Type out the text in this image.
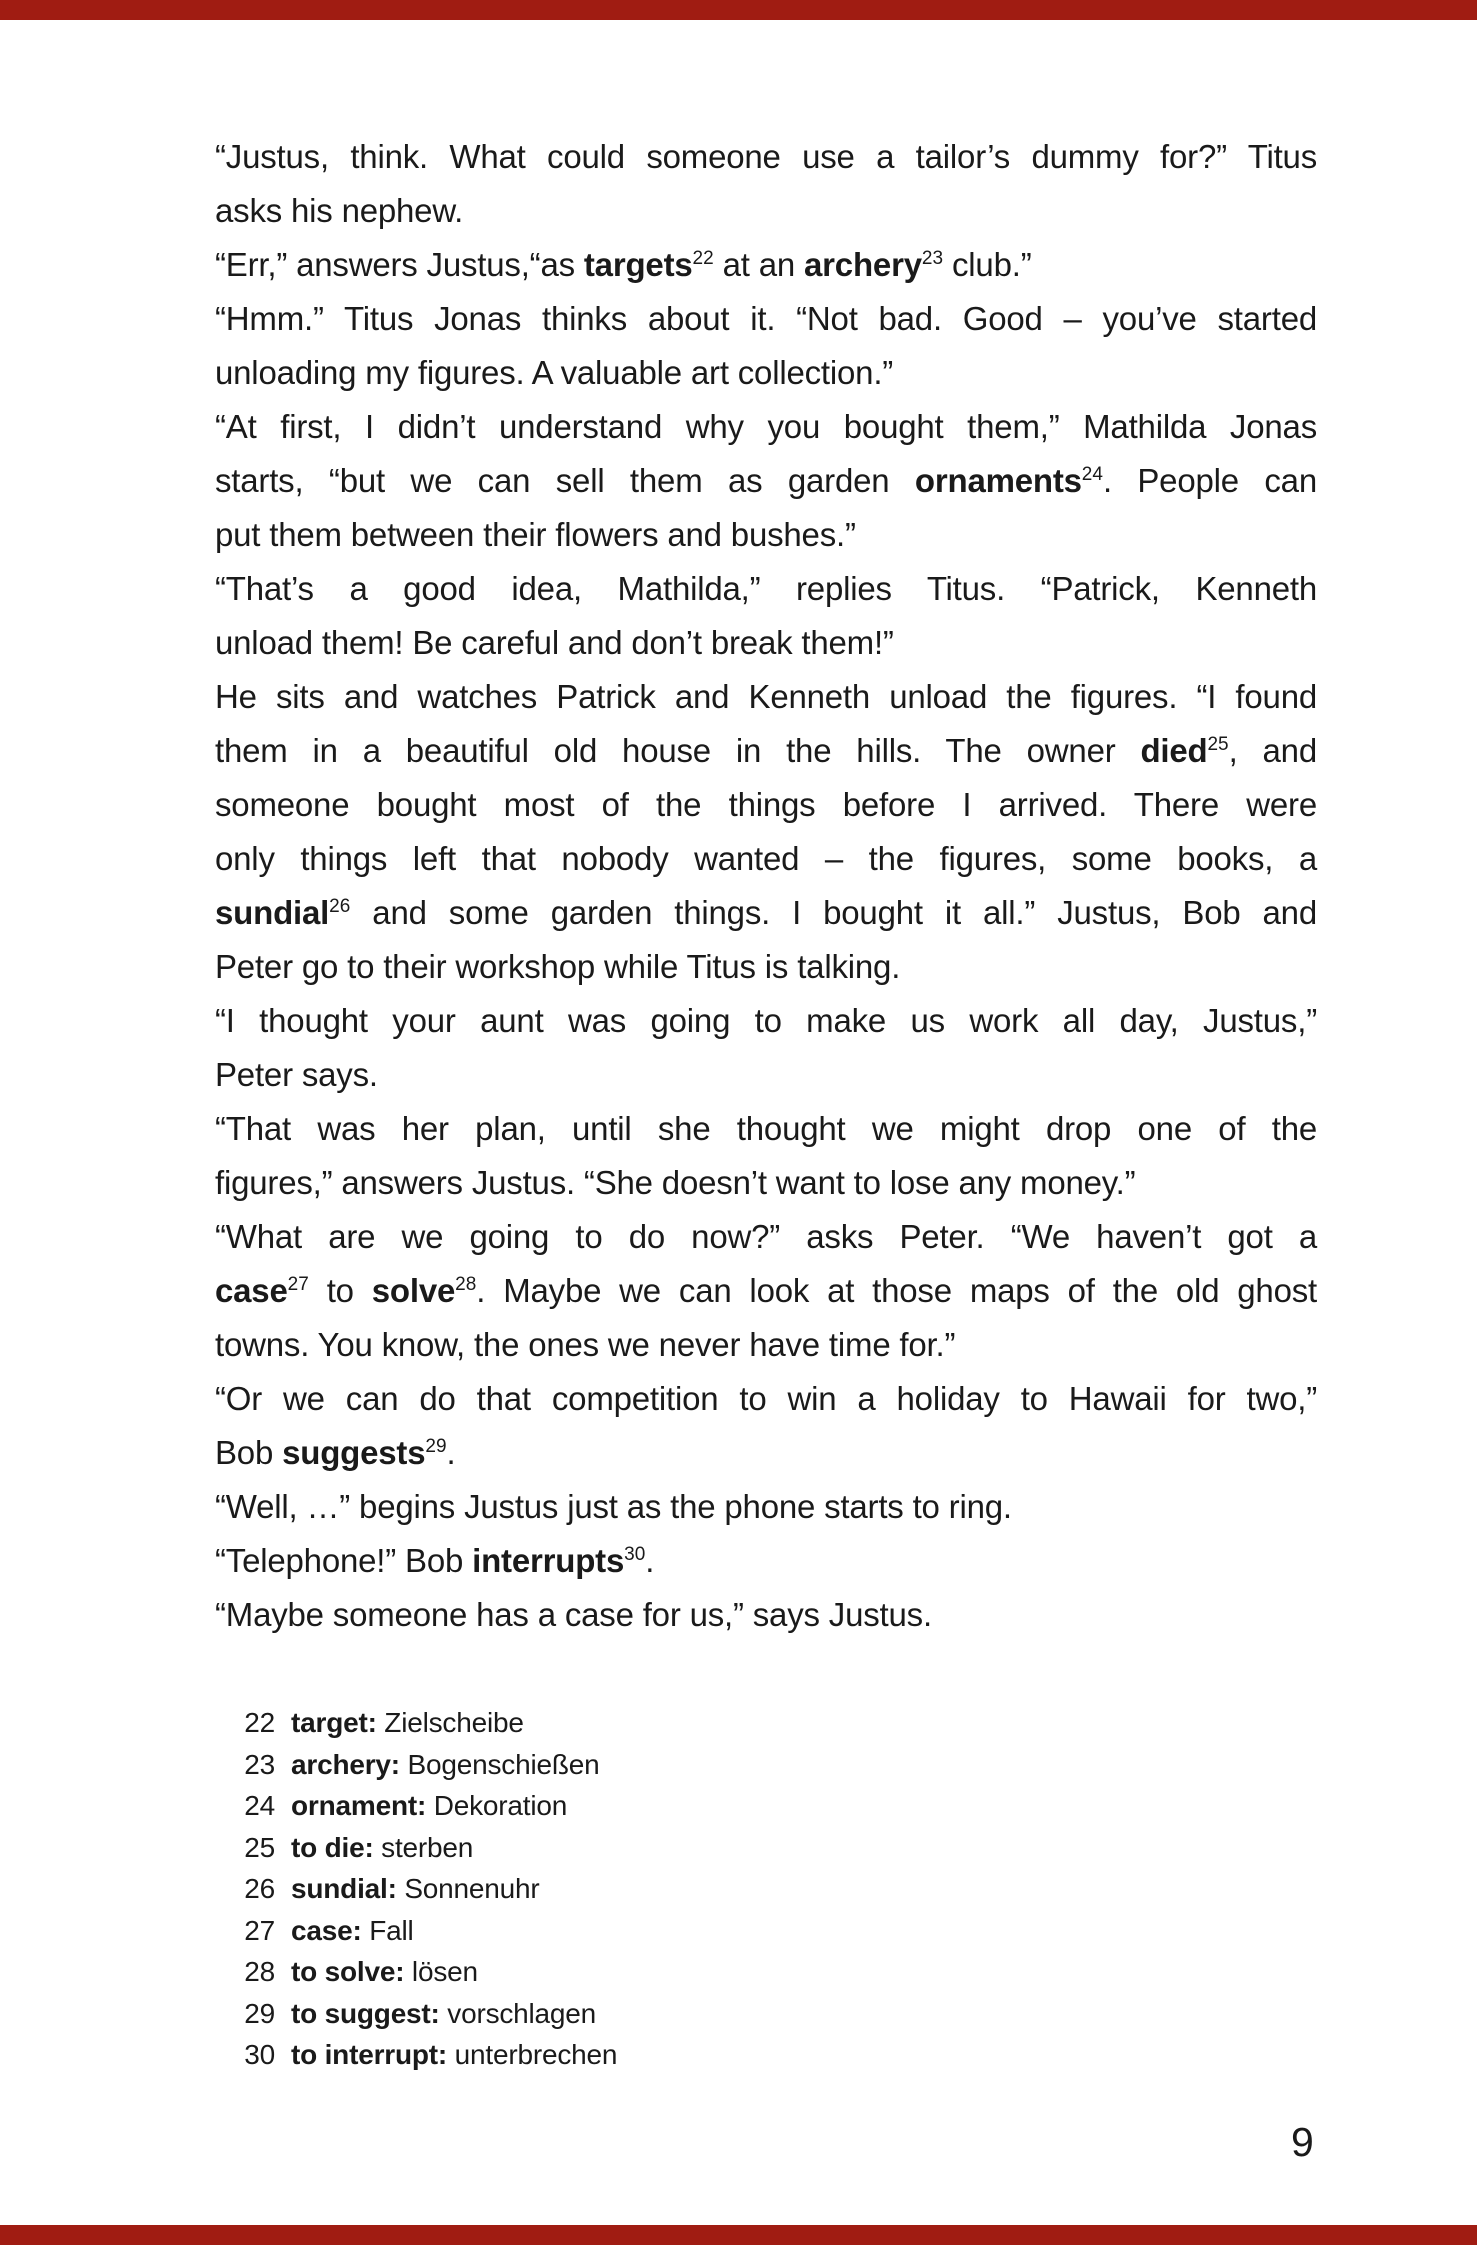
“Justus, think. What could someone use a tailor’s dummy for?” Titus
asks his nephew.
“Err,” answers Justus,“as targets$^{22}$ at an archery$^{23}$ club.”
“Hmm.” Titus Jonas thinks about it. “Not bad. Good – you’ve started
unloading my figures. A valuable art collection.”
“At first, I didn’t understand why you bought them,” Mathilda Jonas
starts, “but we can sell them as garden ornaments$^{24}$. People can
put them between their flowers and bushes.”
“That’s a good idea, Mathilda,” replies Titus. “Patrick, Kenneth
unload them! Be careful and don’t break them!”
He sits and watches Patrick and Kenneth unload the figures. “I found
them in a beautiful old house in the hills. The owner died$^{25}$, and
someone bought most of the things before I arrived. There were
only things left that nobody wanted – the figures, some books, a
sundial$^{26}$ and some garden things. I bought it all.” Justus, Bob and
Peter go to their workshop while Titus is talking.
“I thought your aunt was going to make us work all day, Justus,”
Peter says.
“That was her plan, until she thought we might drop one of the
figures,” answers Justus. “She doesn’t want to lose any money.”
“What are we going to do now?” asks Peter. “We haven’t got a
case$^{27}$ to solve$^{28}$. Maybe we can look at those maps of the old ghost
towns. You know, the ones we never have time for.”
“Or we can do that competition to win a holiday to Hawaii for two,”
Bob suggests$^{29}$.
“Well, …” begins Justus just as the phone starts to ring.
“Telephone!” Bob interrupts$^{30}$.
“Maybe someone has a case for us,” says Justus.
22 target: Zielscheibe
23 archery: Bogenschießen
24 ornament: Dekoration
25 to die: sterben
26 sundial: Sonnenuhr
27 case: Fall
28 to solve: lösen
29 to suggest: vorschlagen
30 to interrupt: unterbrechen
9
